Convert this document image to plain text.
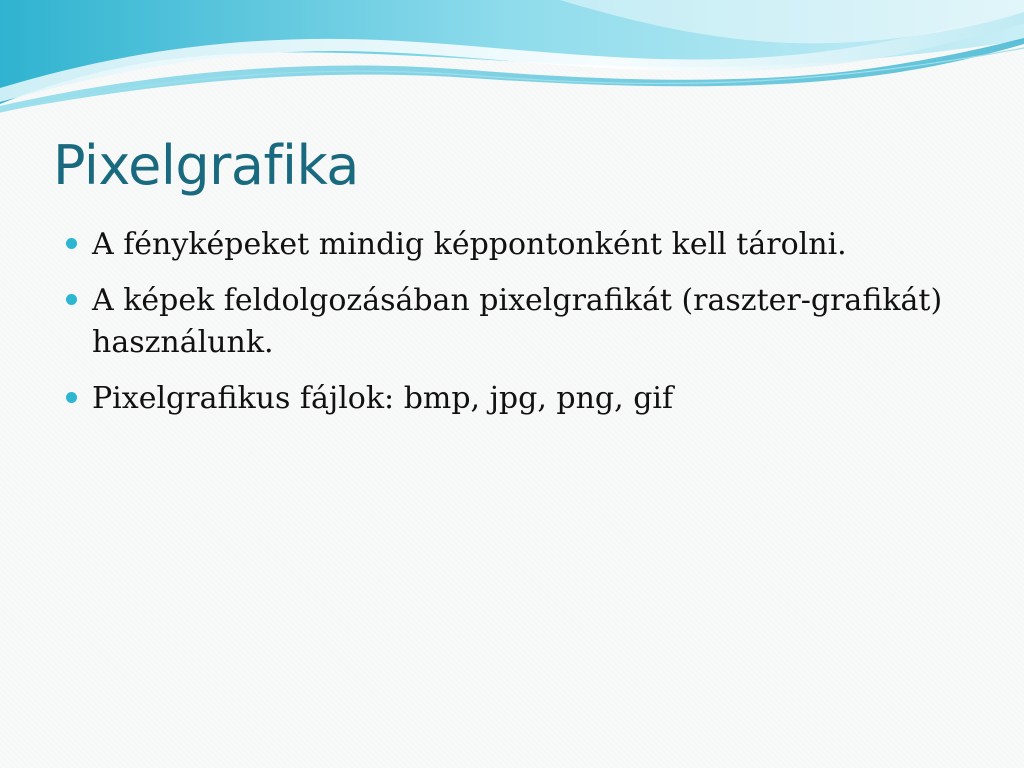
Pixelgrafika
A fényképeket mindig képpontonként kell tárolni.
A képek feldolgozásában pixelgrafikát (raszter-grafikát) használunk.
Pixelgrafikus fájlok: bmp, jpg, png, gif
